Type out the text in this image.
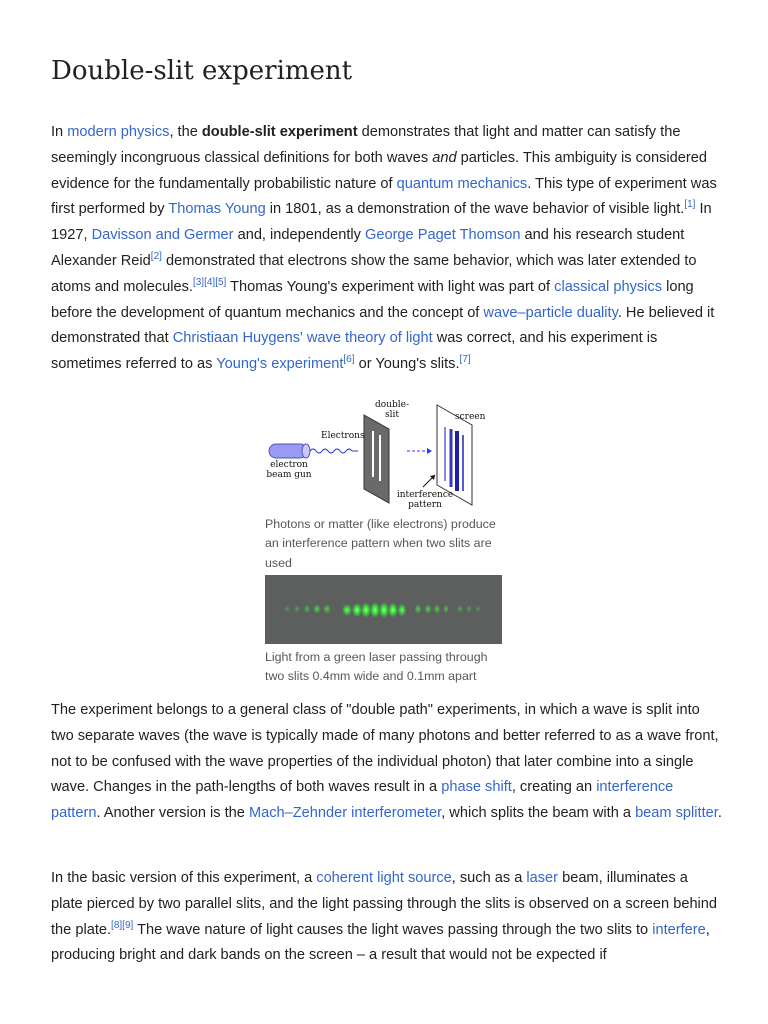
Double-slit experiment

In modern physics, the double-slit experiment demonstrates that light and matter can satisfy the seemingly incongruous classical definitions for both waves and particles. This ambiguity is considered evidence for the fundamentally probabilistic nature of quantum mechanics. This type of experiment was first performed by Thomas Young in 1801, as a demonstration of the wave behavior of visible light.[1] In 1927, Davisson and Germer and, independently George Paget Thomson and his research student Alexander Reid[2] demonstrated that electrons show the same behavior, which was later extended to atoms and molecules.[3][4][5] Thomas Young's experiment with light was part of classical physics long before the development of quantum mechanics and the concept of wave–particle duality. He believed it demonstrated that Christiaan Huygens' wave theory of light was correct, and his experiment is sometimes referred to as Young's experiment[6] or Young's slits.[7]

double-
slit	screen
Electrons
electron
beam gun
interference
pattern

Photons or matter (like electrons) produce an interference pattern when two slits are used

Light from a green laser passing through two slits 0.4mm wide and 0.1mm apart

The experiment belongs to a general class of "double path" experiments, in which a wave is split into two separate waves (the wave is typically made of many photons and better referred to as a wave front, not to be confused with the wave properties of the individual photon) that later combine into a single wave. Changes in the path-lengths of both waves result in a phase shift, creating an interference pattern. Another version is the Mach–Zehnder interferometer, which splits the beam with a beam splitter.

In the basic version of this experiment, a coherent light source, such as a laser beam, illuminates a plate pierced by two parallel slits, and the light passing through the slits is observed on a screen behind the plate.[8][9] The wave nature of light causes the light waves passing through the two slits to interfere, producing bright and dark bands on the screen – a result that would not be expected if
